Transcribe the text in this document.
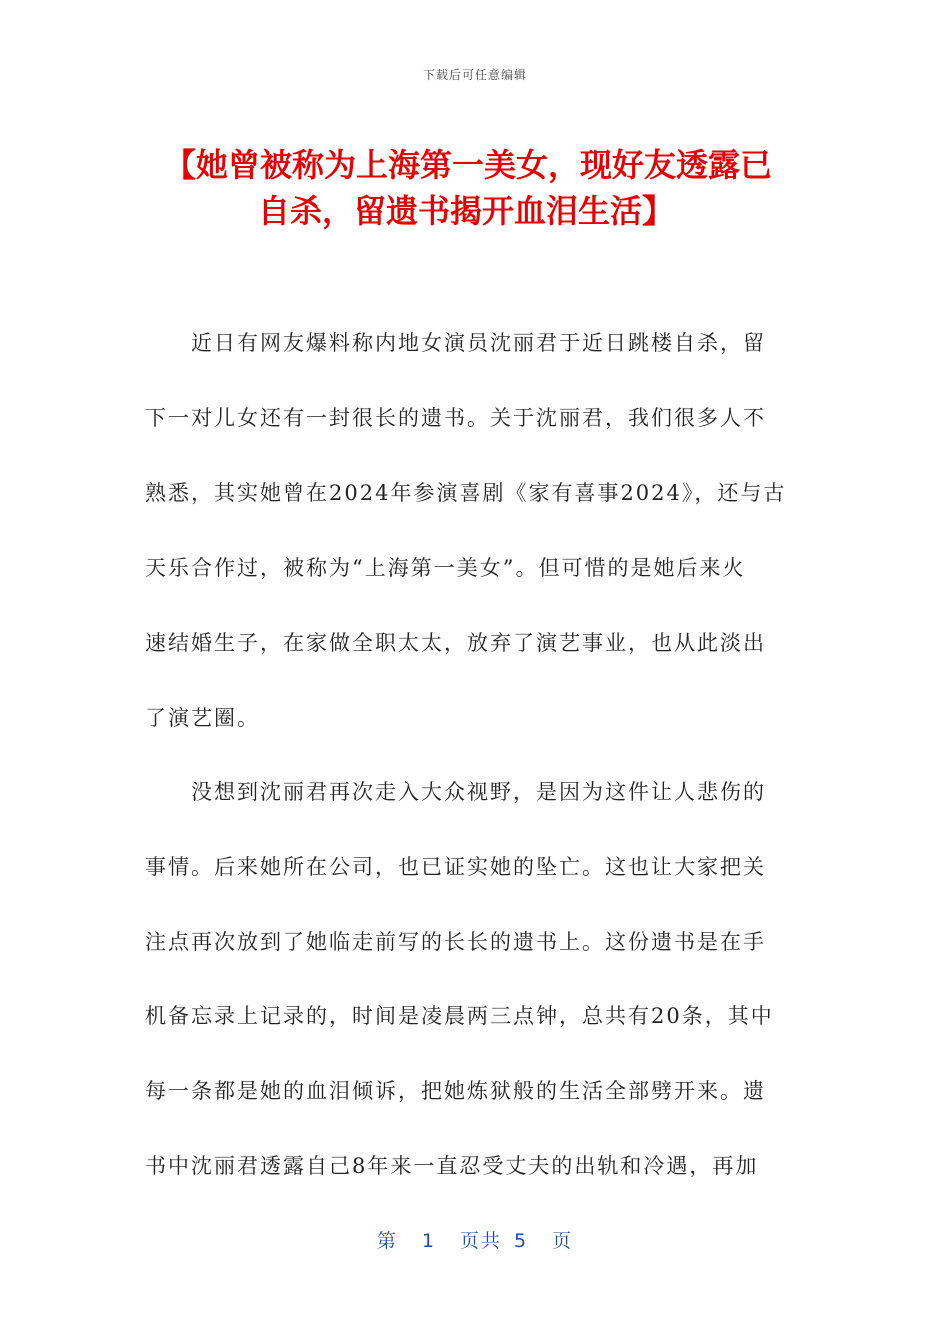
下载后可任意编辑
【她曾被称为上海第一美女，现好友透露已
自杀，留遗书揭开血泪生活】
　　近日有网友爆料称内地女演员沈丽君于近日跳楼自杀，留
下一对儿女还有一封很长的遗书。关于沈丽君，我们很多人不
熟悉，其实她曾在2024年参演喜剧《家有喜事2024》，还与古
天乐合作过，被称为“上海第一美女”。但可惜的是她后来火
速结婚生子，在家做全职太太，放弃了演艺事业，也从此淡出
了演艺圈。
　　没想到沈丽君再次走入大众视野，是因为这件让人悲伤的
事情。后来她所在公司，也已证实她的坠亡。这也让大家把关
注点再次放到了她临走前写的长长的遗书上。这份遗书是在手
机备忘录上记录的，时间是凌晨两三点钟，总共有20条，其中
每一条都是她的血泪倾诉，把她炼狱般的生活全部劈开来。遗
书中沈丽君透露自己8年来一直忍受丈夫的出轨和冷遇，再加
第 1 页共 5 页
